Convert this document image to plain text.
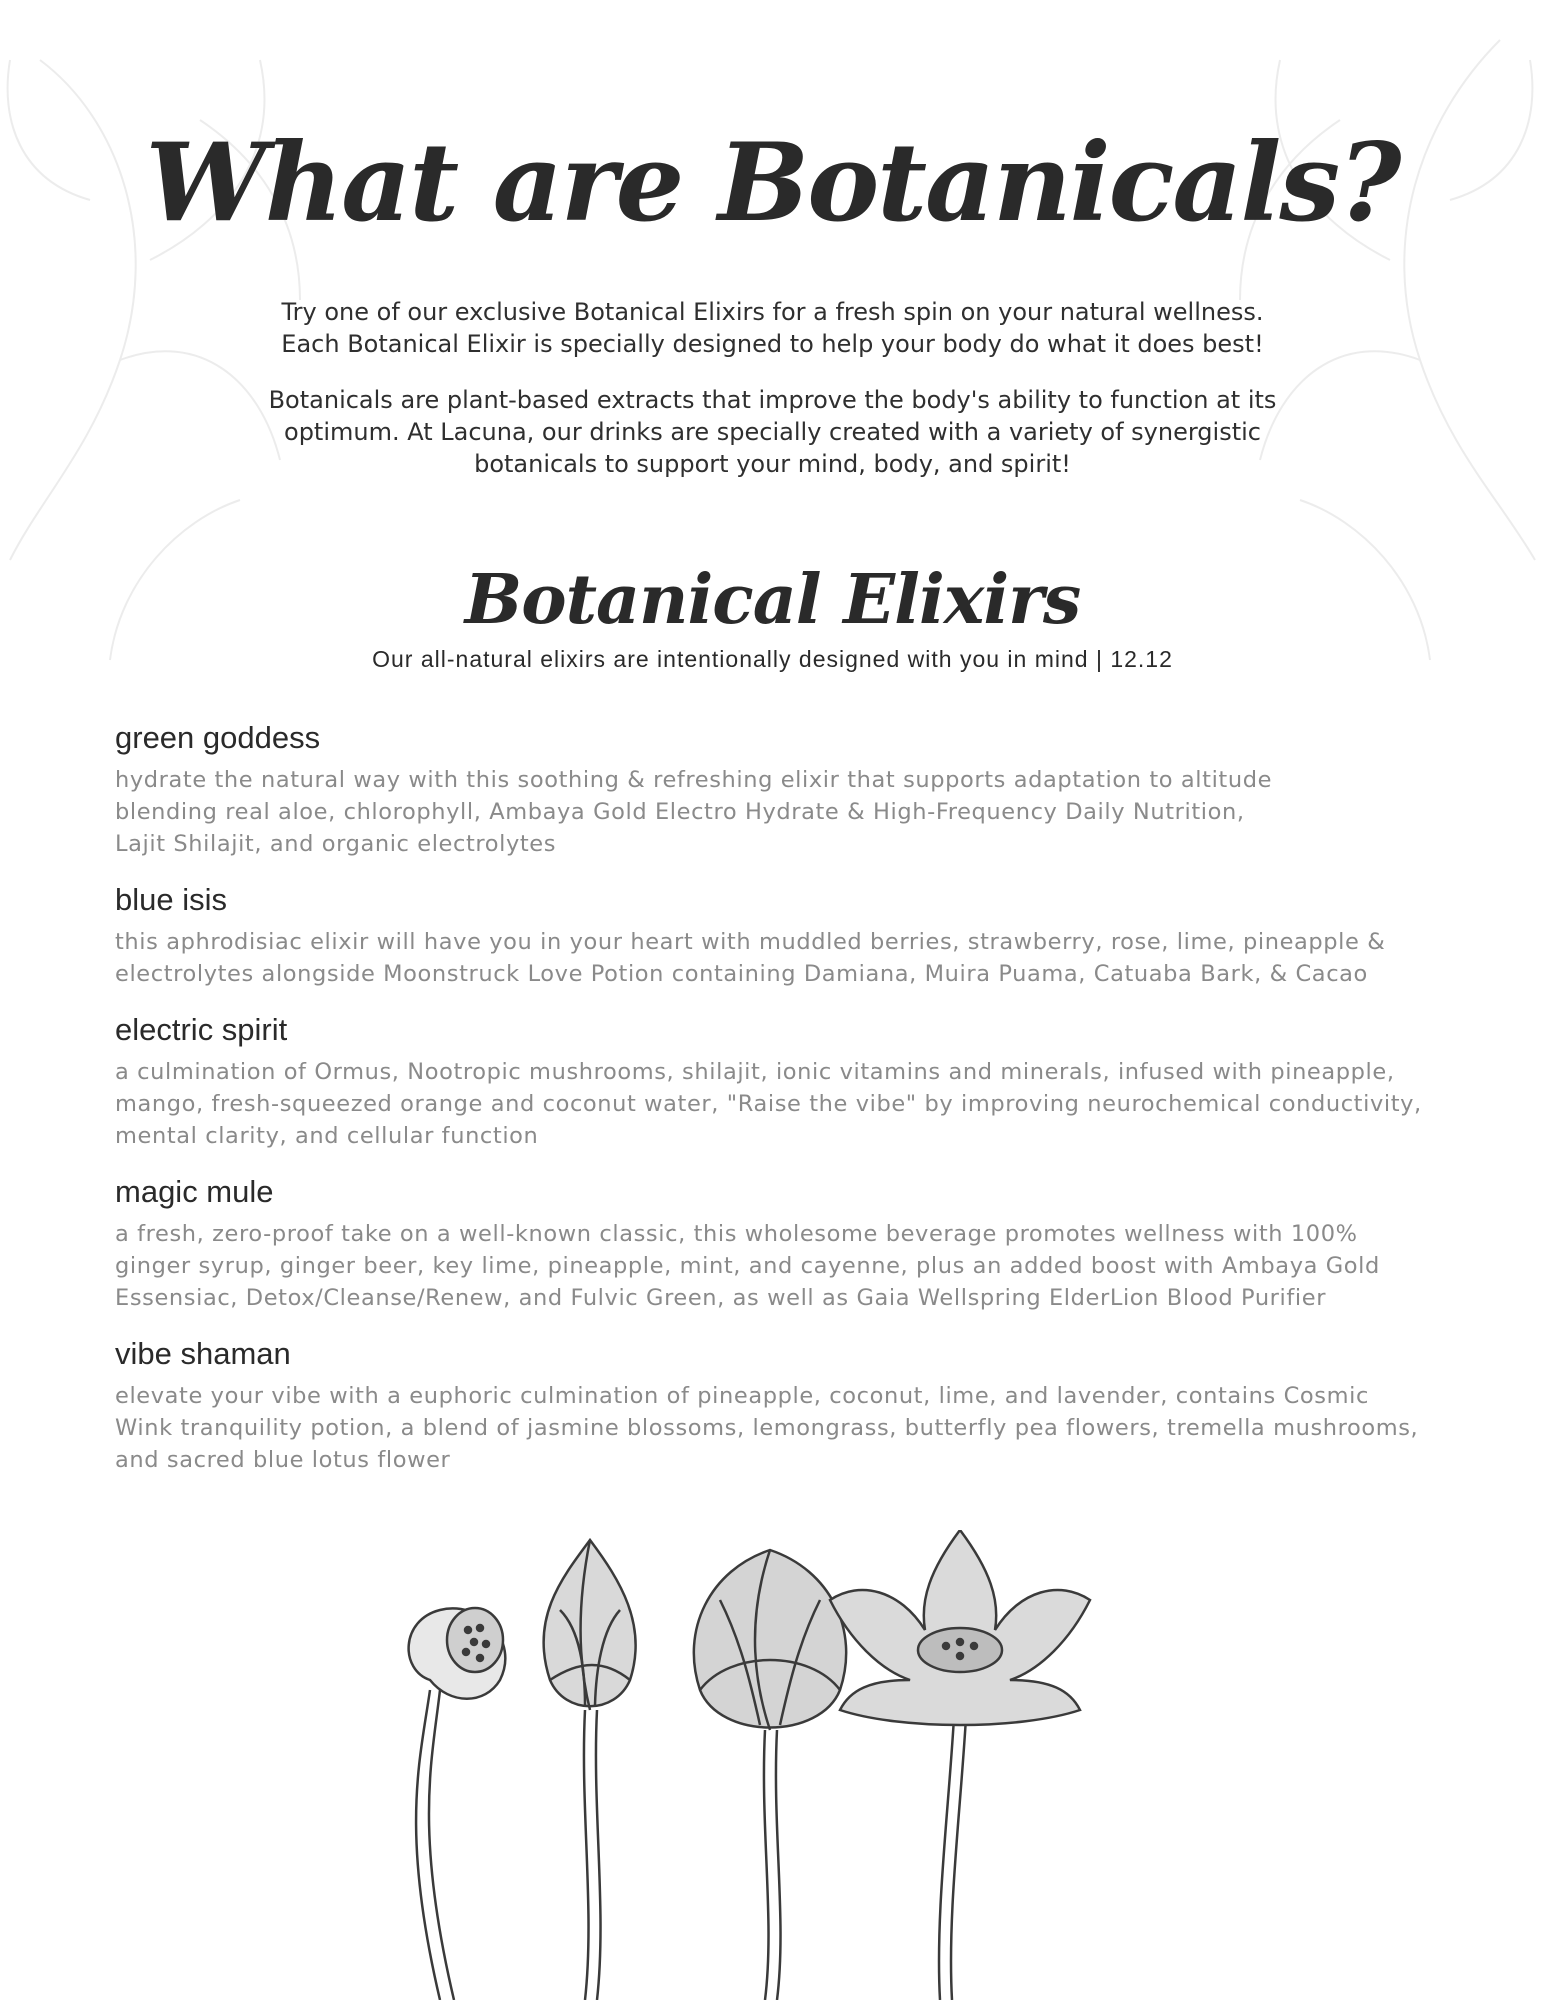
What are Botanicals?

Try one of our exclusive Botanical Elixirs for a fresh spin on your natural wellness.
Each Botanical Elixir is specially designed to help your body do what it does best!

Botanicals are plant-based extracts that improve the body's ability to function at its optimum. At Lacuna, our drinks are specially created with a variety of synergistic botanicals to support your mind, body, and spirit!

Botanical Elixirs

Our all-natural elixirs are intentionally designed with you in mind | 12.12

green goddess

hydrate the natural way with this soothing & refreshing elixir that supports adaptation to altitude
blending real aloe, chlorophyll, Ambaya Gold Electro Hydrate & High-Frequency Daily Nutrition,
Lajit Shilajit, and organic electrolytes

blue isis

this aphrodisiac elixir will have you in your heart with muddled berries, strawberry, rose, lime, pineapple &
electrolytes alongside Moonstruck Love Potion containing Damiana, Muira Puama, Catuaba Bark, & Cacao

electric spirit

a culmination of Ormus, Nootropic mushrooms, shilajit, ionic vitamins and minerals, infused with pineapple,
mango, fresh-squeezed orange and coconut water, "Raise the vibe" by improving neurochemical conductivity,
mental clarity, and cellular function

magic mule

a fresh, zero-proof take on a well-known classic, this wholesome beverage promotes wellness with 100%
ginger syrup, ginger beer, key lime, pineapple, mint, and cayenne, plus an added boost with Ambaya Gold
Essensiac, Detox/Cleanse/Renew, and Fulvic Green, as well as Gaia Wellspring ElderLion Blood Purifier

vibe shaman

elevate your vibe with a euphoric culmination of pineapple, coconut, lime, and lavender, contains Cosmic
Wink tranquility potion, a blend of jasmine blossoms, lemongrass, butterfly pea flowers, tremella mushrooms,
and sacred blue lotus flower
